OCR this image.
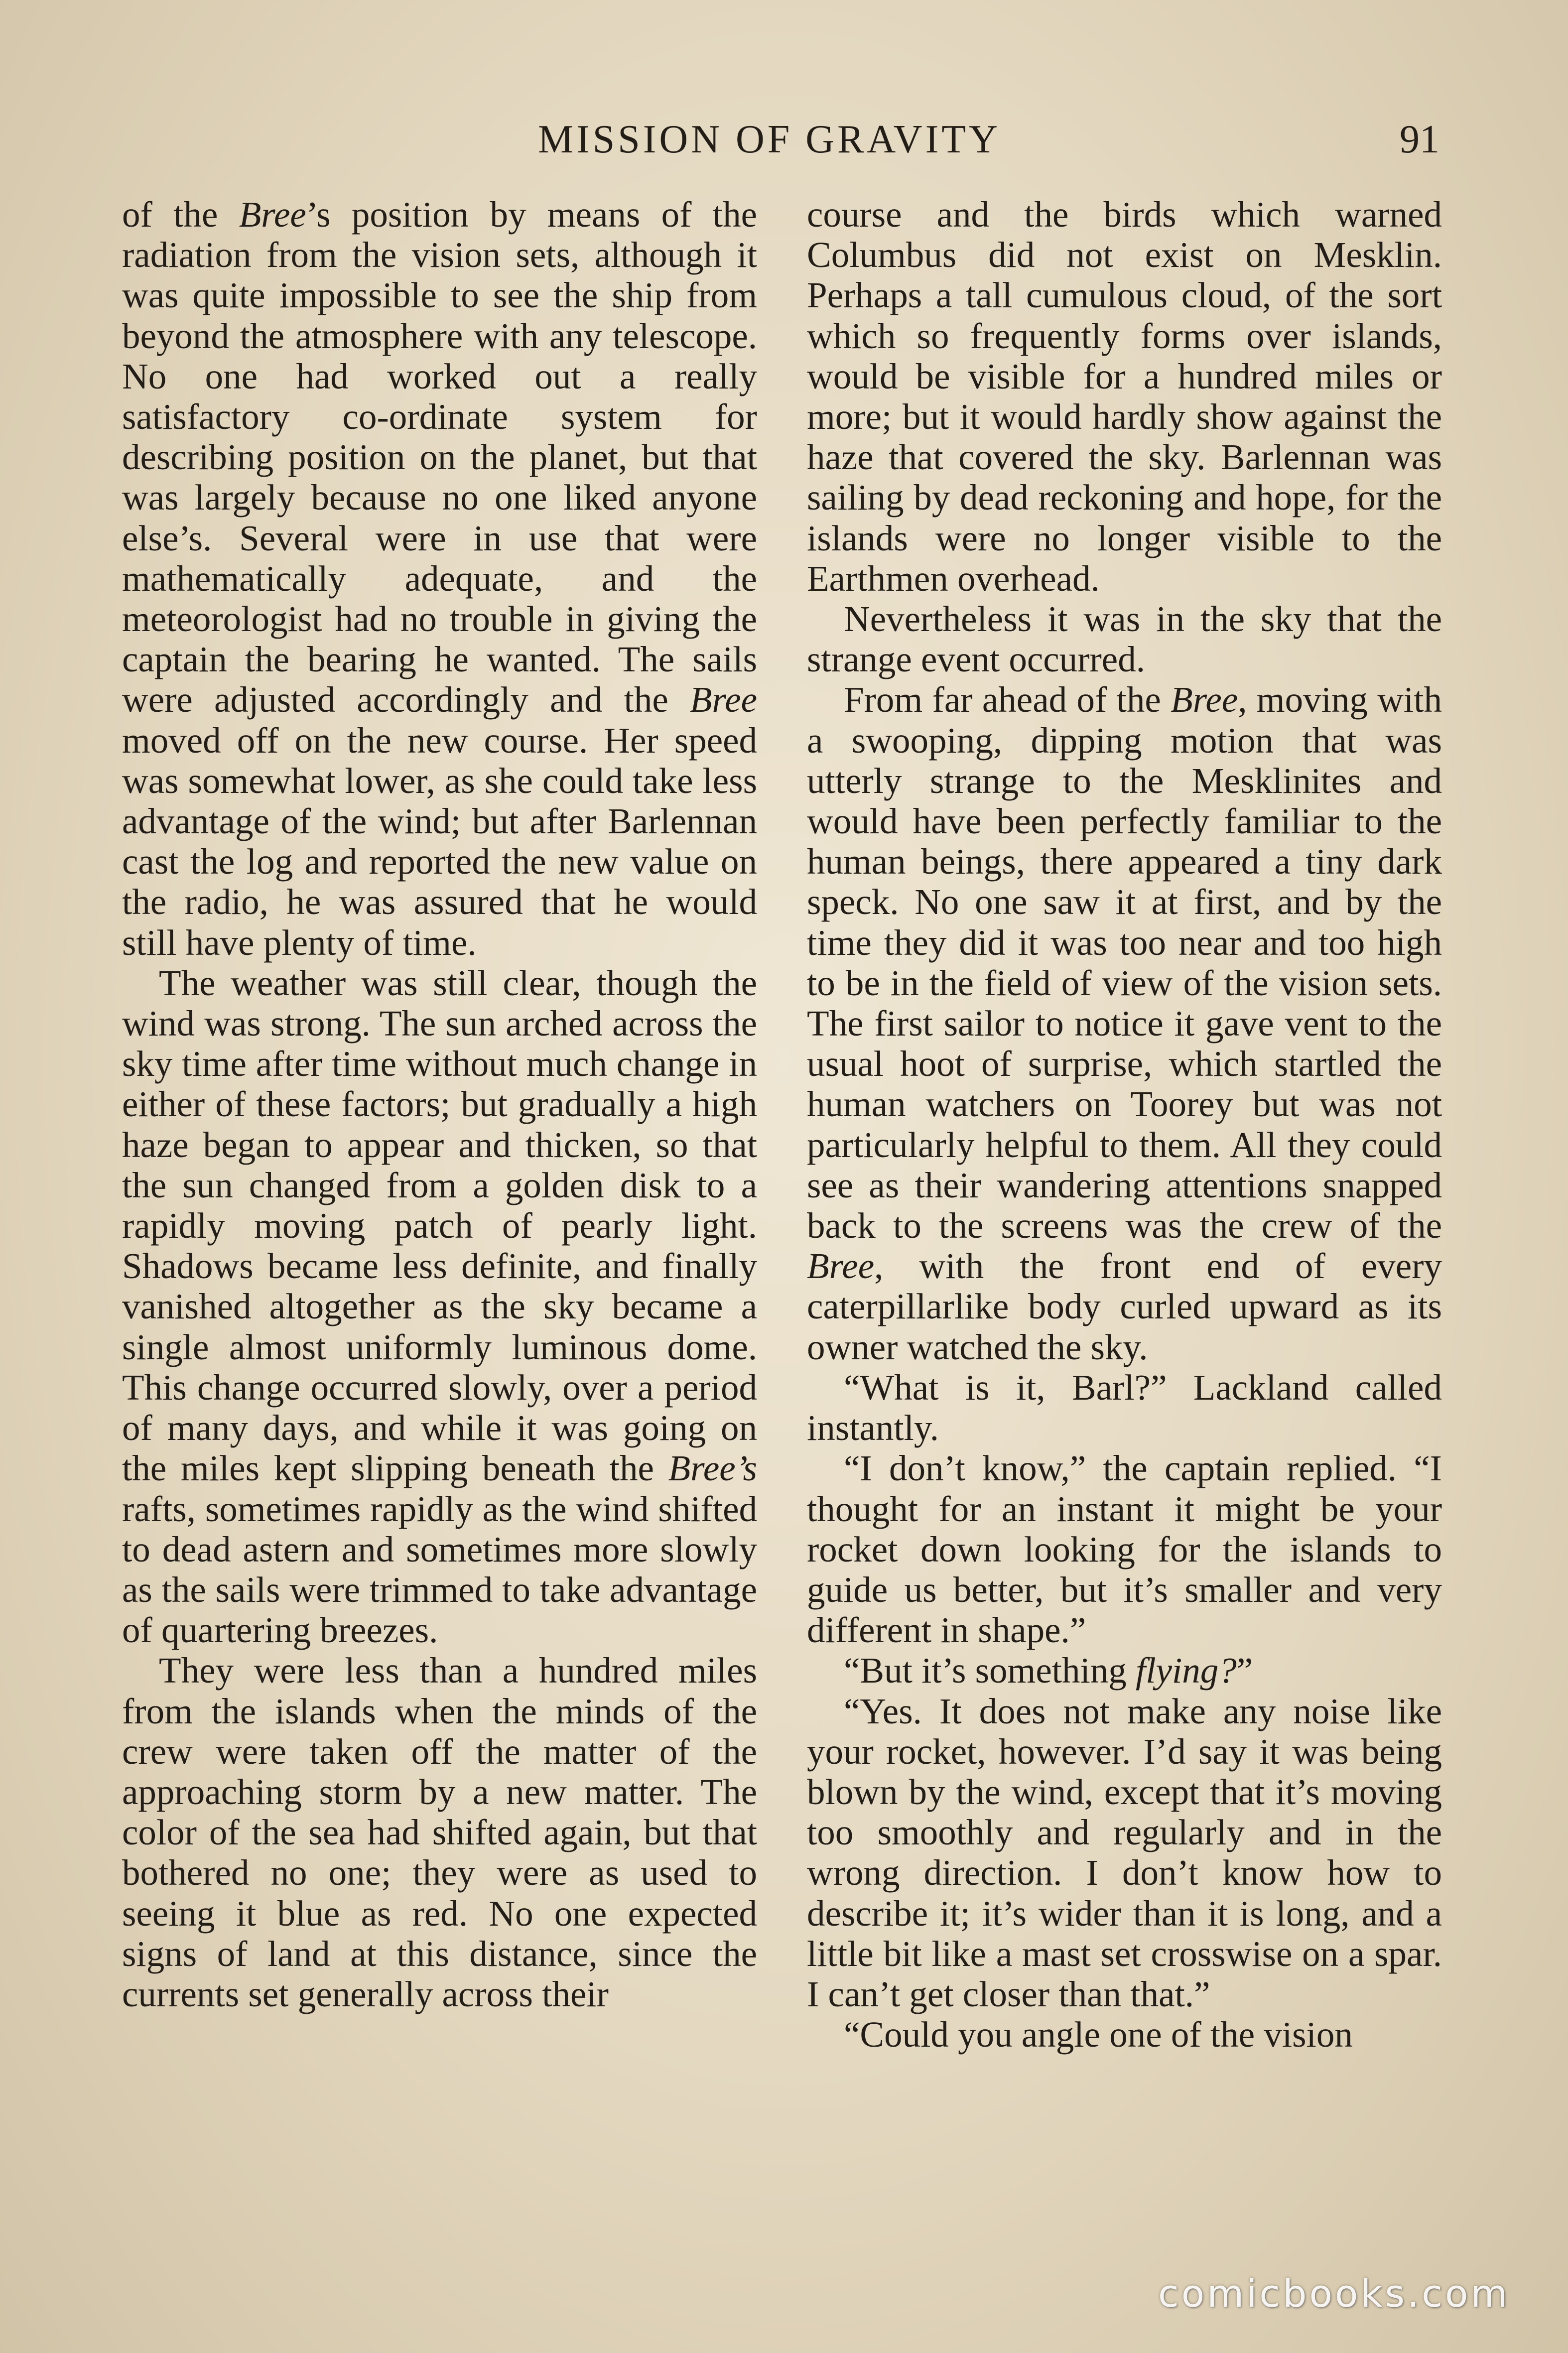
MISSION OF GRAVITY	91

of the Bree’s position by means of the radiation from the vision sets, although it was quite impossible to see the ship from beyond the atmosphere with any telescope. No one had worked out a really satisfactory co-ordinate system for describing position on the planet, but that was largely because no one liked anyone else’s. Several were in use that were mathematically adequate, and the meteorologist had no trouble in giving the captain the bearing he wanted. The sails were adjusted accordingly and the Bree moved off on the new course. Her speed was somewhat lower, as she could take less advantage of the wind; but after Barlennan cast the log and reported the new value on the radio, he was assured that he would still have plenty of time.

The weather was still clear, though the wind was strong. The sun arched across the sky time after time without much change in either of these factors; but gradually a high haze began to appear and thicken, so that the sun changed from a golden disk to a rapidly moving patch of pearly light. Shadows became less definite, and finally vanished altogether as the sky became a single almost uniformly luminous dome. This change occurred slowly, over a period of many days, and while it was going on the miles kept slipping beneath the Bree’s rafts, sometimes rapidly as the wind shifted to dead astern and sometimes more slowly as the sails were trimmed to take advantage of quartering breezes.

They were less than a hundred miles from the islands when the minds of the crew were taken off the matter of the approaching storm by a new matter. The color of the sea had shifted again, but that bothered no one; they were as used to seeing it blue as red. No one expected signs of land at this distance, since the currents set generally across their

course and the birds which warned Columbus did not exist on Mesklin. Perhaps a tall cumulous cloud, of the sort which so frequently forms over islands, would be visible for a hundred miles or more; but it would hardly show against the haze that covered the sky. Barlennan was sailing by dead reckoning and hope, for the islands were no longer visible to the Earthmen overhead.

Nevertheless it was in the sky that the strange event occurred.

From far ahead of the Bree, moving with a swooping, dipping motion that was utterly strange to the Mesklinites and would have been perfectly familiar to the human beings, there appeared a tiny dark speck. No one saw it at first, and by the time they did it was too near and too high to be in the field of view of the vision sets. The first sailor to notice it gave vent to the usual hoot of surprise, which startled the human watchers on Toorey but was not particularly helpful to them. All they could see as their wandering attentions snapped back to the screens was the crew of the Bree, with the front end of every caterpillarlike body curled upward as its owner watched the sky.

“What is it, Barl?” Lackland called instantly.

“I don’t know,” the captain replied. “I thought for an instant it might be your rocket down looking for the islands to guide us better, but it’s smaller and very different in shape.”

“But it’s something flying?”

“Yes. It does not make any noise like your rocket, however. I’d say it was being blown by the wind, except that it’s moving too smoothly and regularly and in the wrong direction. I don’t know how to describe it; it’s wider than it is long, and a little bit like a mast set crosswise on a spar. I can’t get closer than that.”

“Could you angle one of the vision

comicbooks.com
